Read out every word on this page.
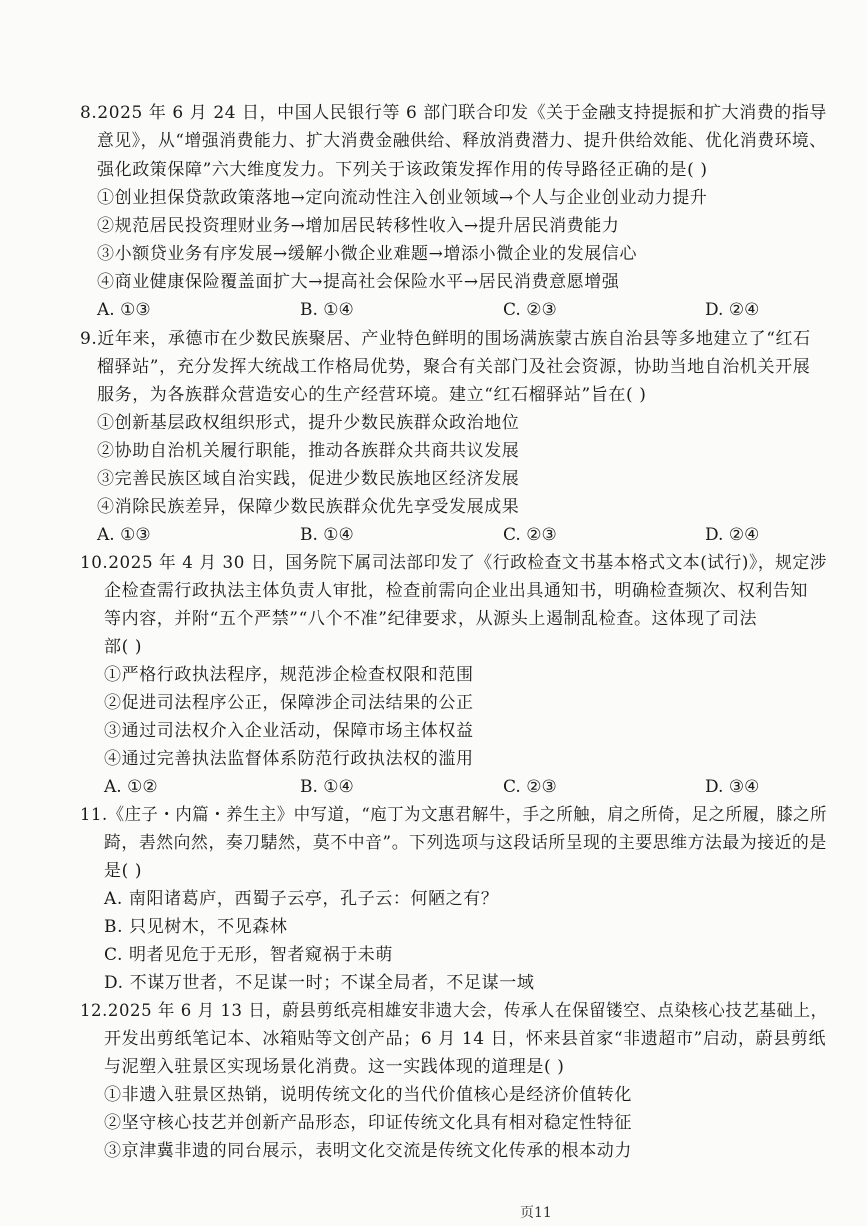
8.2025 年 6 月 24 日，中国人民银行等 6 部门联合印发《关于金融支持提振和扩大消费的指导
意见》，从“增强消费能力、扩大消费金融供给、释放消费潜力、提升供给效能、优化消费环境、
强化政策保障”六大维度发力。下列关于该政策发挥作用的传导路径正确的是( )
①创业担保贷款政策落地→定向流动性注入创业领域→个人与企业创业动力提升
②规范居民投资理财业务→增加居民转移性收入→提升居民消费能力
③小额贷业务有序发展→缓解小微企业难题→增添小微企业的发展信心
④商业健康保险覆盖面扩大→提高社会保险水平→居民消费意愿增强
A. ①③	B. ①④	C. ②③	D. ②④
9.近年来，承德市在少数民族聚居、产业特色鲜明的围场满族蒙古族自治县等多地建立了“红石
榴驿站”，充分发挥大统战工作格局优势，聚合有关部门及社会资源，协助当地自治机关开展
服务，为各族群众营造安心的生产经营环境。建立“红石榴驿站”旨在( )
①创新基层政权组织形式，提升少数民族群众政治地位
②协助自治机关履行职能，推动各族群众共商共议发展
③完善民族区域自治实践，促进少数民族地区经济发展
④消除民族差异，保障少数民族群众优先享受发展成果
A. ①③	B. ①④	C. ②③	D. ②④
10.2025 年 4 月 30 日，国务院下属司法部印发了《行政检查文书基本格式文本(试行)》，规定涉
企检查需行政执法主体负责人审批，检查前需向企业出具通知书，明确检查频次、权利告知
等内容，并附“五个严禁”“八个不准”纪律要求，从源头上遏制乱检查。这体现了司法
部( )
①严格行政执法程序，规范涉企检查权限和范围
②促进司法程序公正，保障涉企司法结果的公正
③通过司法权介入企业活动，保障市场主体权益
④通过完善执法监督体系防范行政执法权的滥用
A. ①②	B. ①④	C. ②③	D. ③④
11.《庄子・内篇・养生主》中写道，“庖丁为文惠君解牛，手之所触，肩之所倚，足之所履，膝之所
踦，砉然向然，奏刀騞然，莫不中音”。下列选项与这段话所呈现的主要思维方法最为接近的是
是( )
A. 南阳诸葛庐，西蜀子云亭，孔子云：何陋之有？
B. 只见树木，不见森林
C. 明者见危于无形，智者窥祸于未萌
D. 不谋万世者，不足谋一时；不谋全局者，不足谋一域
12.2025 年 6 月 13 日，蔚县剪纸亮相雄安非遗大会，传承人在保留镂空、点染核心技艺基础上，
开发出剪纸笔记本、冰箱贴等文创产品；6 月 14 日，怀来县首家“非遗超市”启动，蔚县剪纸
与泥塑入驻景区实现场景化消费。这一实践体现的道理是( )
①非遗入驻景区热销，说明传统文化的当代价值核心是经济价值转化
②坚守核心技艺并创新产品形态，印证传统文化具有相对稳定性特征
③京津冀非遗的同台展示，表明文化交流是传统文化传承的根本动力
页11
